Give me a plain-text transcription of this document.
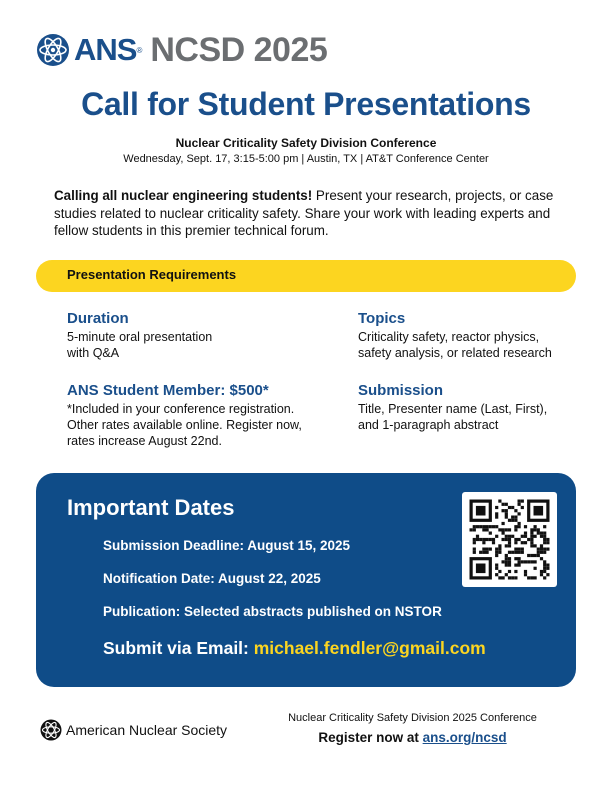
ANS ® NCSD 2025
Call for Student Presentations
Nuclear Criticality Safety Division Conference
Wednesday, Sept. 17, 3:15-5:00 pm | Austin, TX | AT&T Conference Center
Calling all nuclear engineering students! Present your research, projects, or case studies related to nuclear criticality safety. Share your work with leading experts and fellow students in this premier technical forum.
Presentation Requirements
Duration
5-minute oral presentation
with Q&A
Topics
Criticality safety, reactor physics,
safety analysis, or related research
ANS Student Member: $500*
*Included in your conference registration.
Other rates available online. Register now,
rates increase August 22nd.
Submission
Title, Presenter name (Last, First),
and 1-paragraph abstract
Important Dates
Submission Deadline: August 15, 2025
Notification Date: August 22, 2025
Publication: Selected abstracts published on NSTOR
Submit via Email: michael.fendler@gmail.com
American Nuclear Society
Nuclear Criticality Safety Division 2025 Conference
Register now at ans.org/ncsd
